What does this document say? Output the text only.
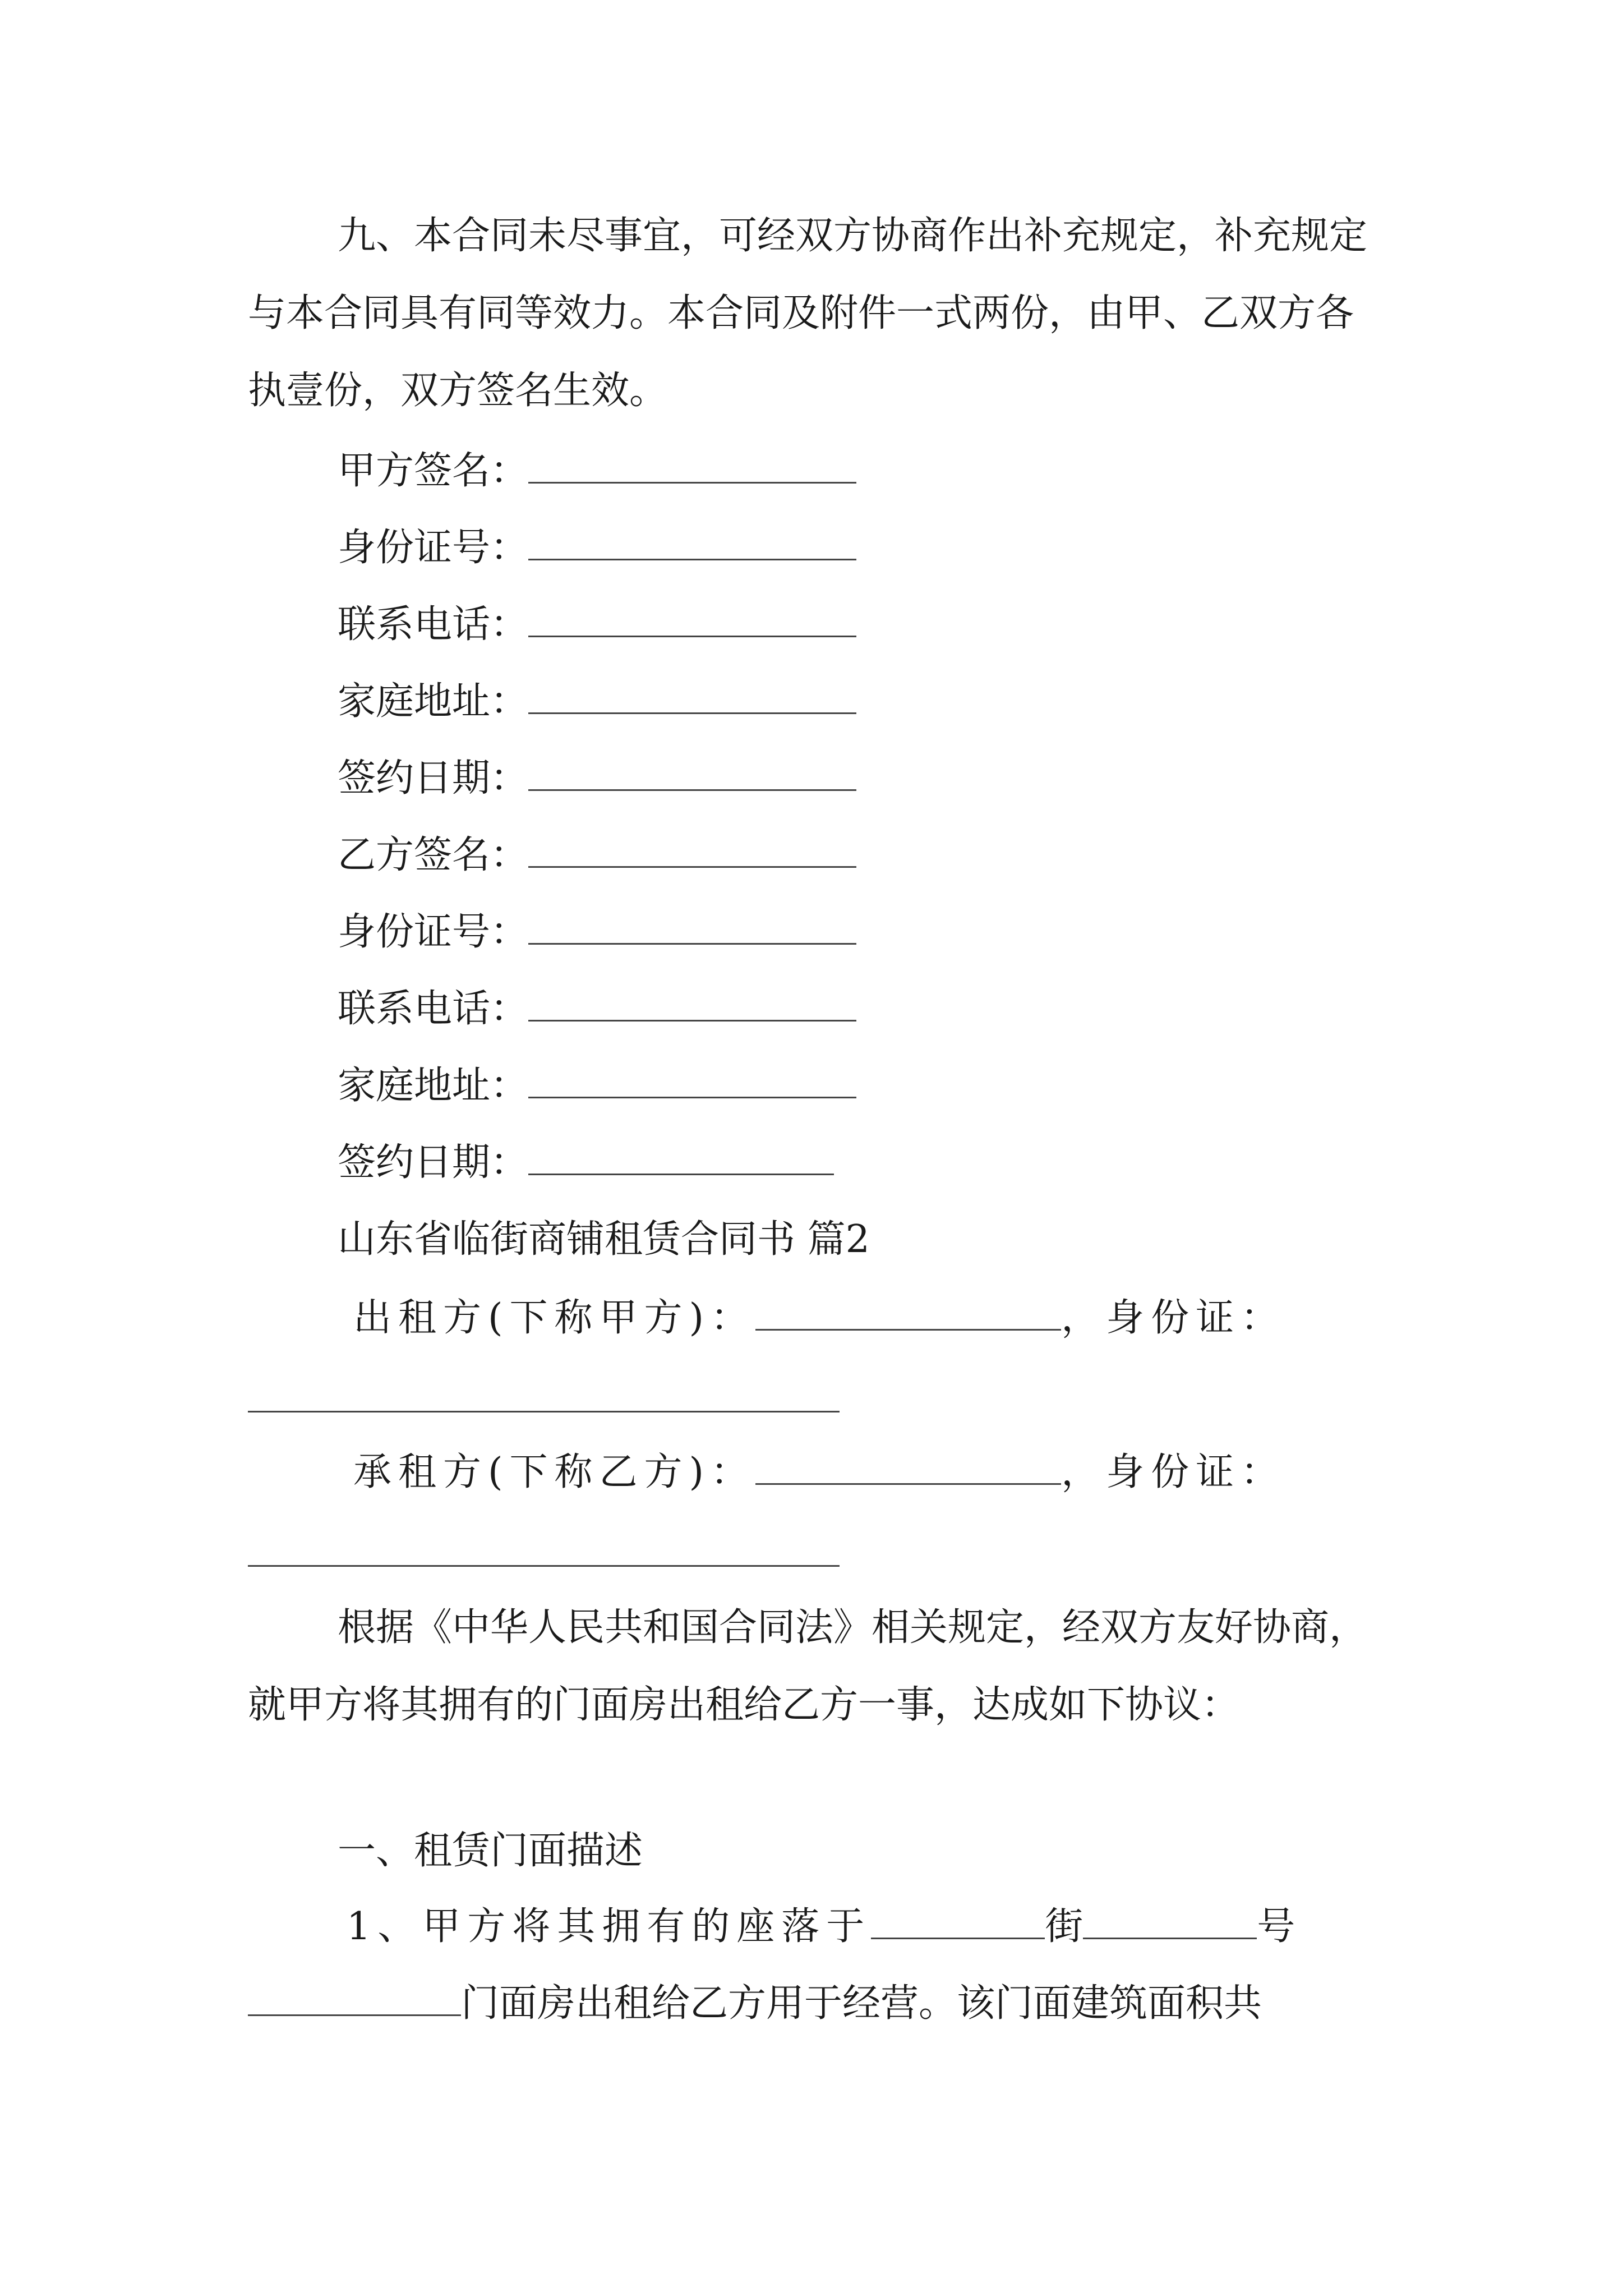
九、本合同未尽事宜，可经双方协商作出补充规定，补充规定与本合同具有同等效力。本合同及附件一式两份，由甲、乙双方各执壹份，双方签名生效。

甲方签名：
身份证号：
联系电话：
家庭地址：
签约日期：
乙方签名：
身份证号：
联系电话：
家庭地址：
签约日期：
山东省临街商铺租赁合同书 篇2
出租方(下称甲方)：	，身份证：
承租方(下称乙方)：	，身份证：

根据《中华人民共和国合同法》相关规定，经双方友好协商，就甲方将其拥有的门面房出租给乙方一事，达成如下协议：

一、租赁门面描述
1、甲方将其拥有的座落于	街	号
门面房出租给乙方用于经营。该门面建筑面积共
